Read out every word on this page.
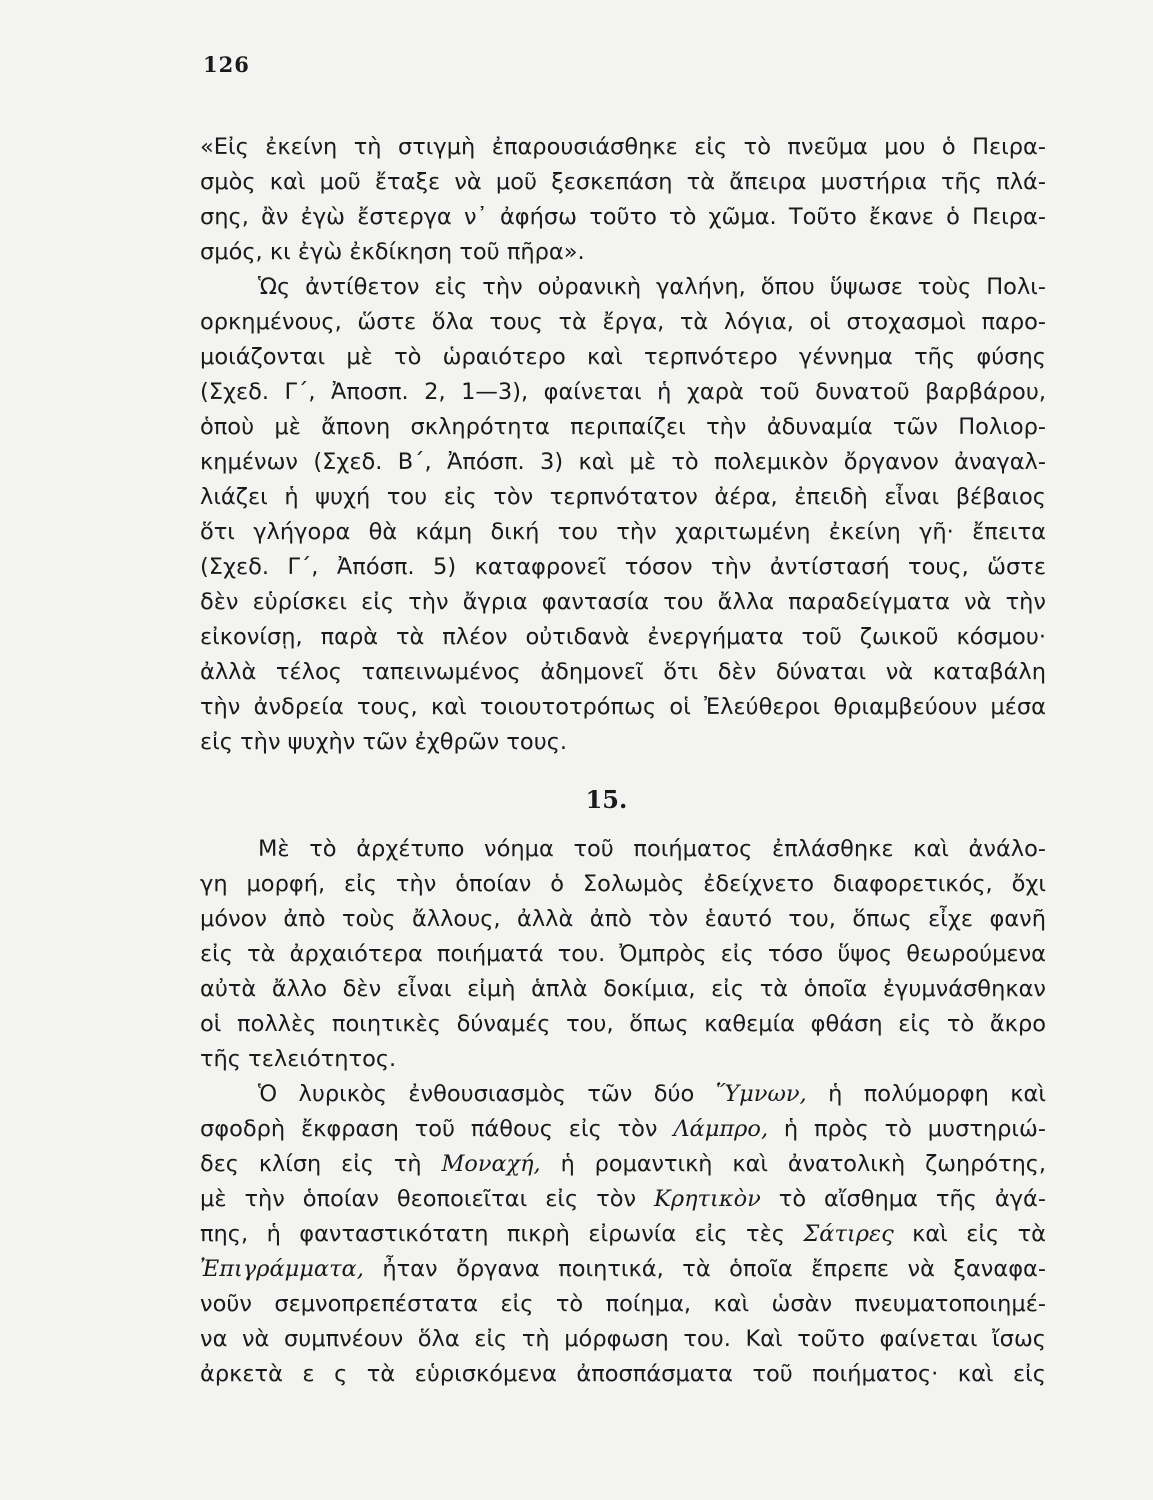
126
«Εἰς ἐκείνη τὴ στιγμὴ ἐπαρουσιάσθηκε εἰς τὸ πνεῦμα μου ὁ Πειρα-
σμὸς καὶ μοῦ ἔταξε νὰ μοῦ ξεσκεπάση τὰ ἄπειρα μυστήρια τῆς πλά-
σης, ἂν ἐγὼ ἔστεργα ν᾽ ἀφήσω τοῦτο τὸ χῶμα. Τοῦτο ἔκανε ὁ Πειρα-
σμός, κι ἐγὼ ἐκδίκηση τοῦ πῆρα».
Ὡς ἀντίθετον εἰς τὴν οὐρανικὴ γαλήνη, ὅπου ὕψωσε τοὺς Πολι-
ορκημένους, ὥστε ὅλα τους τὰ ἔργα, τὰ λόγια, οἱ στοχασμοὶ παρο-
μοιάζονται μὲ τὸ ὡραιότερο καὶ τερπνότερο γέννημα τῆς φύσης
(Σχεδ. Γ΄, Ἀποσπ. 2, 1—3), φαίνεται ἡ χαρὰ τοῦ δυνατοῦ βαρβάρου,
ὁποὺ μὲ ἄπονη σκληρότητα περιπαίζει τὴν ἀδυναμία τῶν Πολιορ-
κημένων (Σχεδ. Β΄, Ἀπόσπ. 3) καὶ μὲ τὸ πολεμικὸν ὄργανον ἀναγαλ-
λιάζει ἡ ψυχή του εἰς τὸν τερπνότατον ἀέρα, ἐπειδὴ εἶναι βέβαιος
ὅτι γλήγορα θὰ κάμη δική του τὴν χαριτωμένη ἐκείνη γῆ· ἔπειτα
(Σχεδ. Γ΄, Ἀπόσπ. 5) καταφρονεῖ τόσον τὴν ἀντίστασή τους, ὥστε
δὲν εὑρίσκει εἰς τὴν ἄγρια φαντασία του ἄλλα παραδείγματα νὰ τὴν
εἰκονίσῃ, παρὰ τὰ πλέον οὐτιδανὰ ἐνεργήματα τοῦ ζωικοῦ κόσμου·
ἀλλὰ τέλος ταπεινωμένος ἀδημονεῖ ὅτι δὲν δύναται νὰ καταβάλη
τὴν ἀνδρεία τους, καὶ τοιουτοτρόπως οἱ Ἐλεύθεροι θριαμβεύουν μέσα
εἰς τὴν ψυχὴν τῶν ἐχθρῶν τους.
15.
Μὲ τὸ ἀρχέτυπο νόημα τοῦ ποιήματος ἐπλάσθηκε καὶ ἀνάλο-
γη μορφή, εἰς τὴν ὁποίαν ὁ Σολωμὸς ἐδείχνετο διαφορετικός, ὄχι
μόνον ἀπὸ τοὺς ἄλλους, ἀλλὰ ἀπὸ τὸν ἑαυτό του, ὅπως εἶχε φανῆ
εἰς τὰ ἀρχαιότερα ποιήματά του. Ὀμπρὸς εἰς τόσο ὕψος θεωρούμενα
αὐτὰ ἄλλο δὲν εἶναι εἰμὴ ἁπλὰ δοκίμια, εἰς τὰ ὁποῖα ἐγυμνάσθηκαν
οἱ πολλὲς ποιητικὲς δύναμές του, ὅπως καθεμία φθάση εἰς τὸ ἄκρο
τῆς τελειότητος.
Ὁ λυρικὸς ἐνθουσιασμὸς τῶν δύο Ὕμνων, ἡ πολύμορφη καὶ
σφοδρὴ ἔκφραση τοῦ πάθους εἰς τὸν Λάμπρο, ἡ πρὸς τὸ μυστηριώ-
δες κλίση εἰς τὴ Μοναχή, ἡ ρομαντικὴ καὶ ἀνατολικὴ ζωηρότης,
μὲ τὴν ὁποίαν θεοποιεῖται εἰς τὸν Κρητικὸν τὸ αἴσθημα τῆς ἀγά-
πης, ἡ φανταστικότατη πικρὴ εἰρωνία εἰς τὲς Σάτιρες καὶ εἰς τὰ
Ἐπιγράμματα, ἦταν ὄργανα ποιητικά, τὰ ὁποῖα ἔπρεπε νὰ ξαναφα-
νοῦν σεμνοπρεπέστατα εἰς τὸ ποίημα, καὶ ὡσὰν πνευματοποιημέ-
να νὰ συμπνέουν ὅλα εἰς τὴ μόρφωση του. Καὶ τοῦτο φαίνεται ἴσως
ἀρκετὰ ε ς τὰ εὑρισκόμενα ἀποσπάσματα τοῦ ποιήματος· καὶ εἰς
